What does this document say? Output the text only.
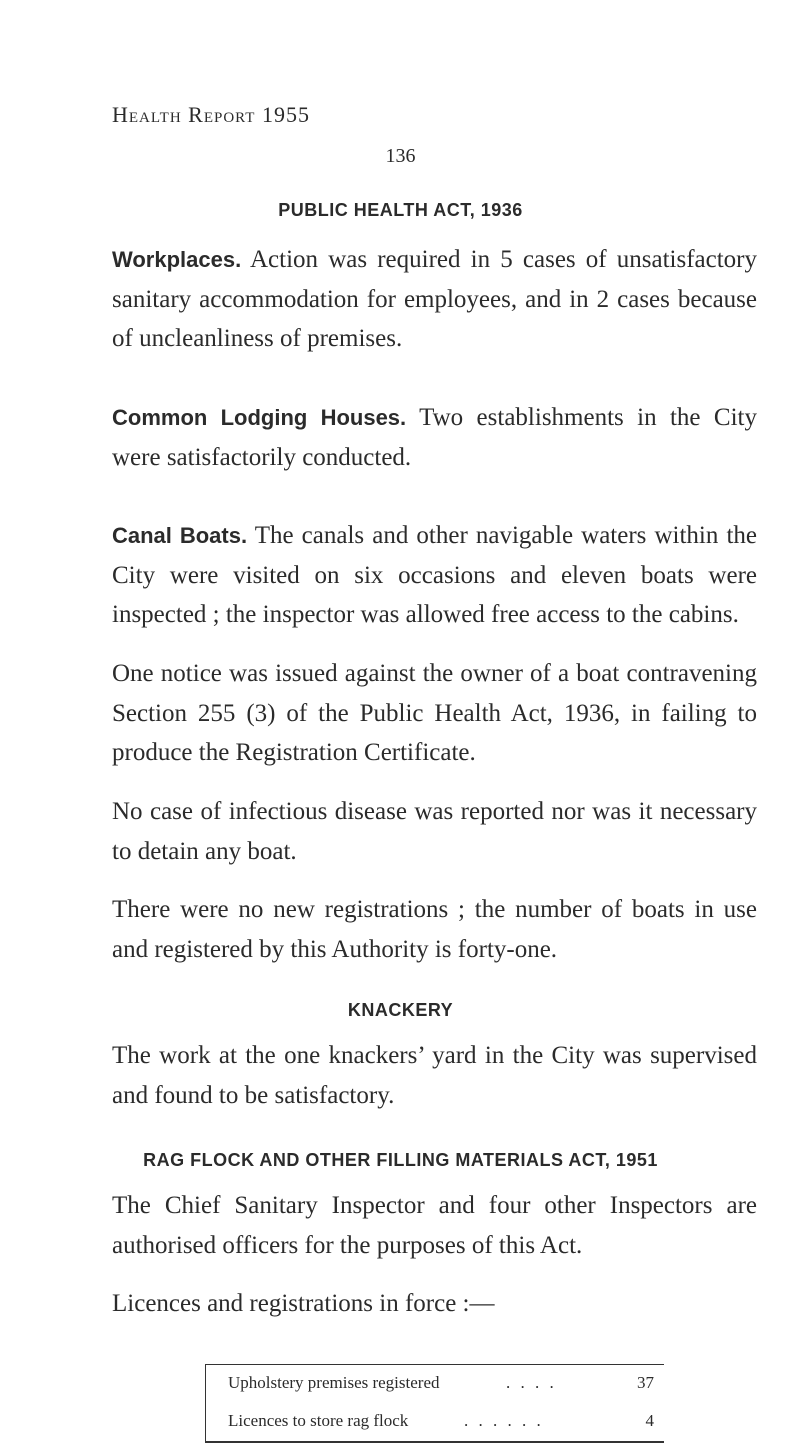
Health Report 1955
136
PUBLIC HEALTH ACT, 1936

Workplaces. Action was required in 5 cases of unsatisfactory sanitary accommodation for employees, and in 2 cases because of uncleanliness of premises.

Common Lodging Houses. Two establishments in the City were satisfactorily conducted.

Canal Boats. The canals and other navigable waters within the City were visited on six occasions and eleven boats were inspected ; the inspector was allowed free access to the cabins.

One notice was issued against the owner of a boat contravening Section 255 (3) of the Public Health Act, 1936, in failing to produce the Registration Certificate.

No case of infectious disease was reported nor was it necessary to detain any boat.

There were no new registrations ; the number of boats in use and registered by this Authority is forty-one.

KNACKERY

The work at the one knackers’ yard in the City was supervised and found to be satisfactory.

RAG FLOCK AND OTHER FILLING MATERIALS ACT, 1951

The Chief Sanitary Inspector and four other Inspectors are authorised officers for the purposes of this Act.

Licences and registrations in force :—

Upholstery premises registered	. . . .	37
Licences to store rag flock	. . . . . .	4
